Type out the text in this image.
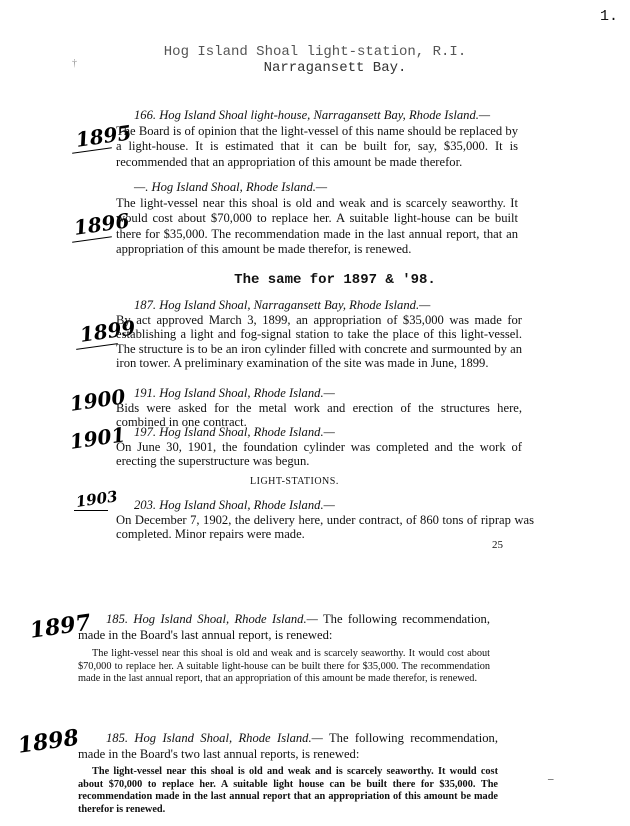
1.
†
Hog Island Shoal light-station, R.I.
Narragansett Bay.
1895
1896
1899
1900
1901
1903
166. Hog Island Shoal light-house, Narragansett Bay, Rhode Island.—
The Board is of opinion that the light-vessel of this name should be replaced by a light-house. It is estimated that it can be built for, say, $35,000. It is recommended that an appropriation of this amount be made therefor.
—. Hog Island Shoal, Rhode Island.—
The light-vessel near this shoal is old and weak and is scarcely seaworthy. It would cost about $70,000 to replace her. A suitable light-house can be built there for $35,000. The recommendation made in the last annual report, that an appropriation of this amount be made therefor, is renewed.
The same for 1897 & '98.
187. Hog Island Shoal, Narragansett Bay, Rhode Island.—
By act approved March 3, 1899, an appropriation of $35,000 was made for establishing a light and fog-signal station to take the place of this light-vessel. The structure is to be an iron cylinder filled with concrete and surmounted by an iron tower. A preliminary examination of the site was made in June, 1899.
191. Hog Island Shoal, Rhode Island.—
Bids were asked for the metal work and erection of the structures here, combined in one contract.
197. Hog Island Shoal, Rhode Island.—
On June 30, 1901, the foundation cylinder was completed and the work of erecting the superstructure was begun.
LIGHT-STATIONS.
203. Hog Island Shoal, Rhode Island.—
On December 7, 1902, the delivery here, under contract, of 860 tons of riprap was completed. Minor repairs were made.
25
1897	185. Hog Island Shoal, Rhode Island.— The following recommendation, made in the Board's last annual report, is renewed:
The light-vessel near this shoal is old and weak and is scarcely seaworthy. It would cost about $70,000 to replace her. A suitable light-house can be built there for $35,000. The recommendation made in the last annual report, that an appropriation of this amount be made therefor, is renewed.
1898	185. Hog Island Shoal, Rhode Island.— The following recommendation, made in the Board's two last annual reports, is renewed:
The light-vessel near this shoal is old and weak and is scarcely seaworthy. It would cost about $70,000 to replace her. A suitable light house can be built there for $35,000. The recommendation made in the last annual report that an appropriation of this amount be made therefor is renewed.
–
